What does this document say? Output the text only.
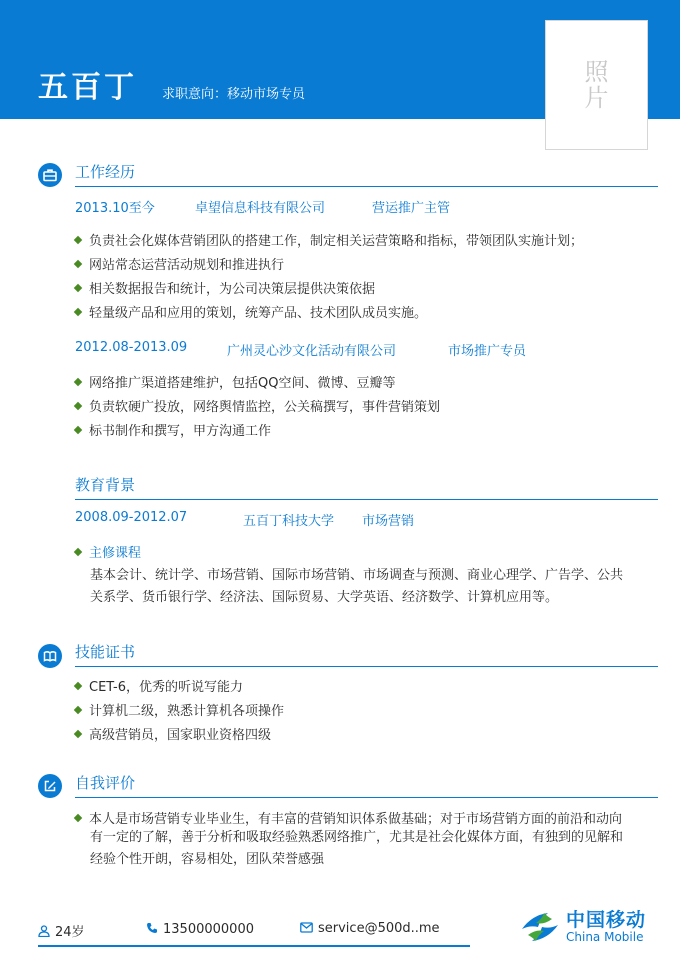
五百丁 求职意向：移动市场专员
照片
工作经历
2013.10至今	卓望信息科技有限公司	营运推广主管
负责社会化媒体营销团队的搭建工作，制定相关运营策略和指标，带领团队实施计划；
网站常态运营活动规划和推进执行
相关数据报告和统计，为公司决策层提供决策依据
轻量级产品和应用的策划，统筹产品、技术团队成员实施。
2012.08-2013.09	广州灵心沙文化活动有限公司	市场推广专员
网络推广渠道搭建维护，包括QQ空间、微博、豆瓣等
负责软硬广投放，网络舆情监控，公关稿撰写，事件营销策划
标书制作和撰写，甲方沟通工作
教育背景
2008.09-2012.07	五百丁科技大学 市场营销
主修课程
基本会计、统计学、市场营销、国际市场营销、市场调查与预测、商业心理学、广告学、公共
关系学、货币银行学、经济法、国际贸易、大学英语、经济数学、计算机应用等。
技能证书
CET-6，优秀的听说写能力
计算机二级，熟悉计算机各项操作
高级营销员，国家职业资格四级
自我评价
本人是市场营销专业毕业生，有丰富的营销知识体系做基础；对于市场营销方面的前沿和动向
有一定的了解，善于分析和吸取经验熟悉网络推广，尤其是社会化媒体方面，有独到的见解和
经验个性开朗，容易相处，团队荣誉感强
24岁	13500000000	service@500d..me	中国移动
China Mobile
